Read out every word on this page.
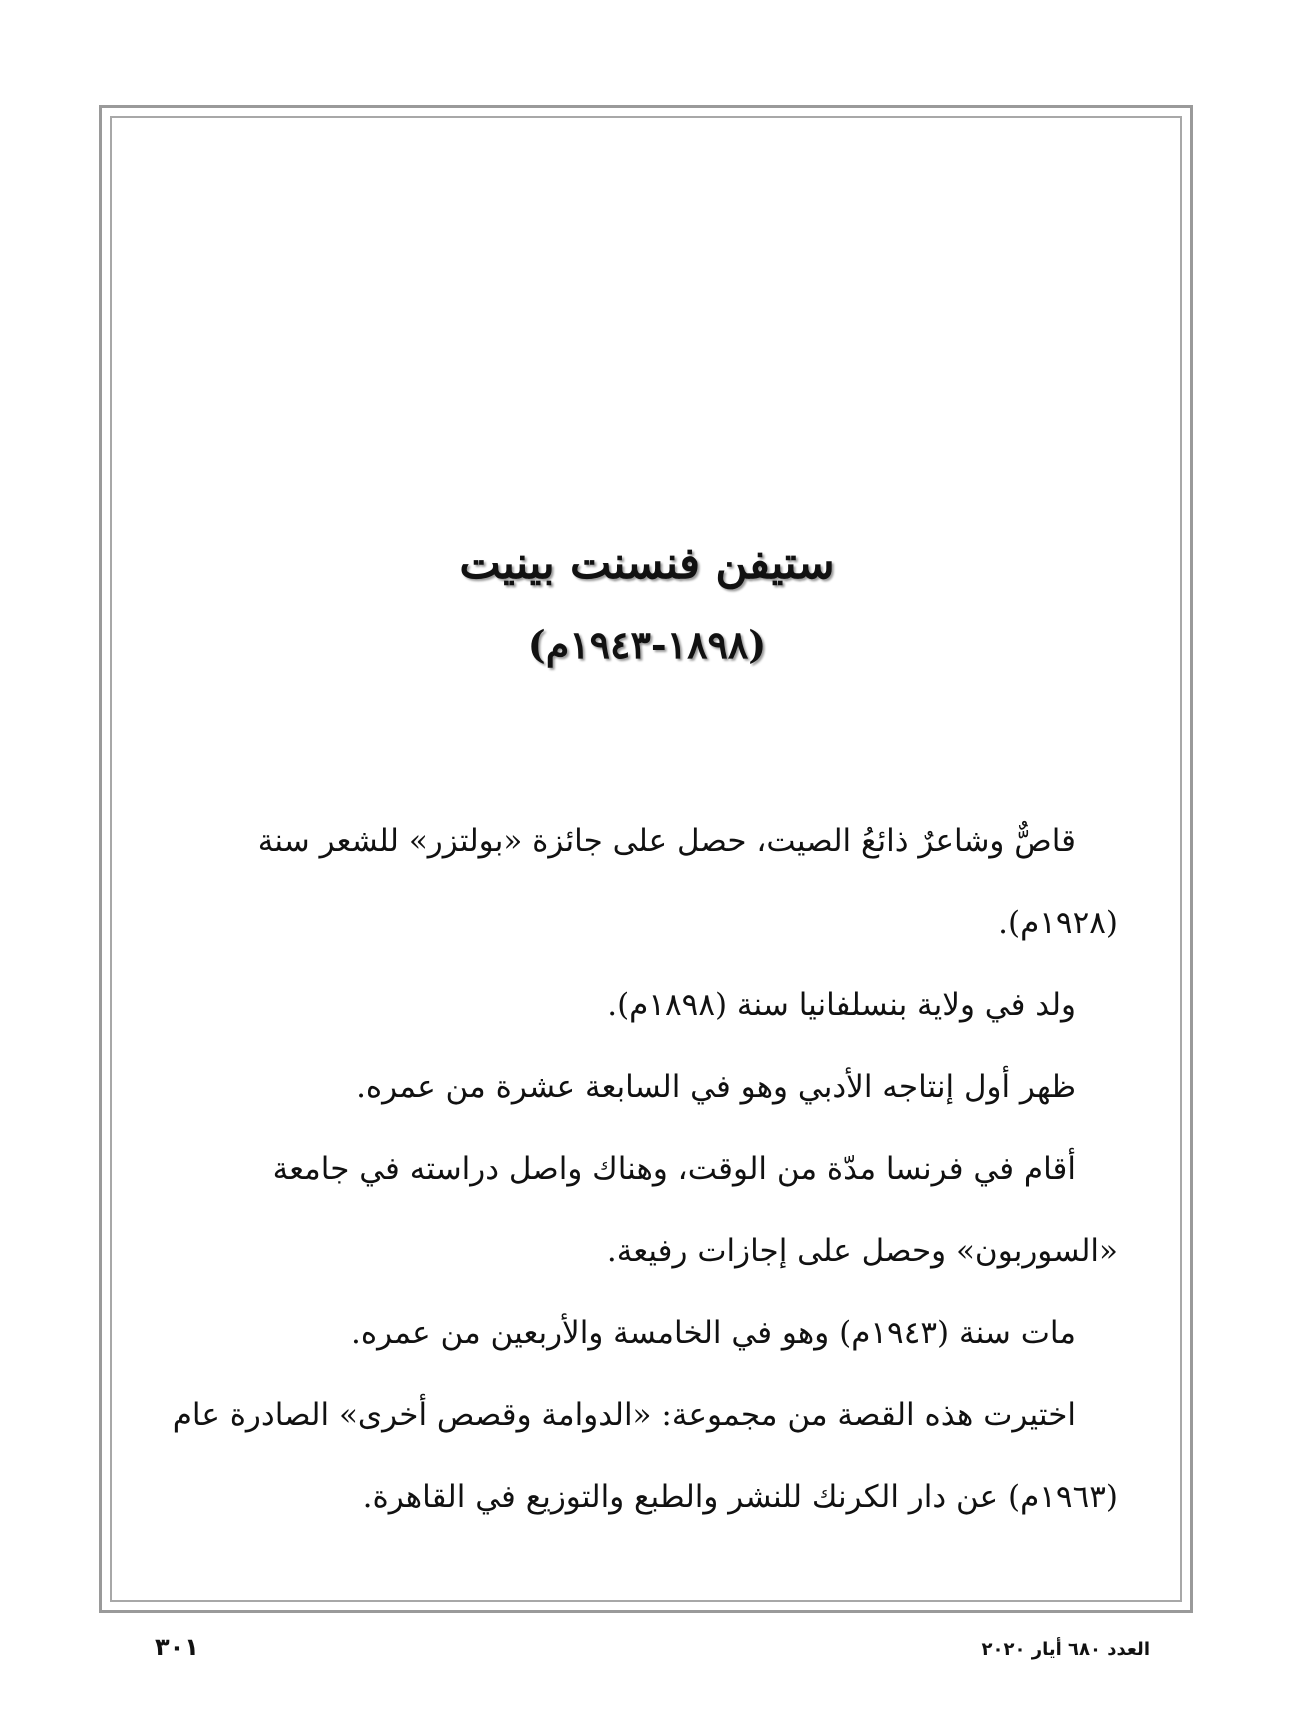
ستيفن فنسنت بينيت
(١٨٩٨-١٩٤٣م)

قاصٌّ وشاعرٌ ذائعُ الصيت، حصل على جائزة «بولتزر» للشعر سنة (١٩٢٨م).

ولد في ولاية بنسلفانيا سنة (١٨٩٨م).

ظهر أول إنتاجه الأدبي وهو في السابعة عشرة من عمره.

أقام في فرنسا مدّة من الوقت، وهناك واصل دراسته في جامعة «السوربون» وحصل على إجازات رفيعة.

مات سنة (١٩٤٣م) وهو في الخامسة والأربعين من عمره.

اختيرت هذه القصة من مجموعة: «الدوامة وقصص أخرى» الصادرة عام (١٩٦٣م) عن دار الكرنك للنشر والطبع والتوزيع في القاهرة.

العدد ٦٨٠ أيار ٢٠٢٠
٣٠١
